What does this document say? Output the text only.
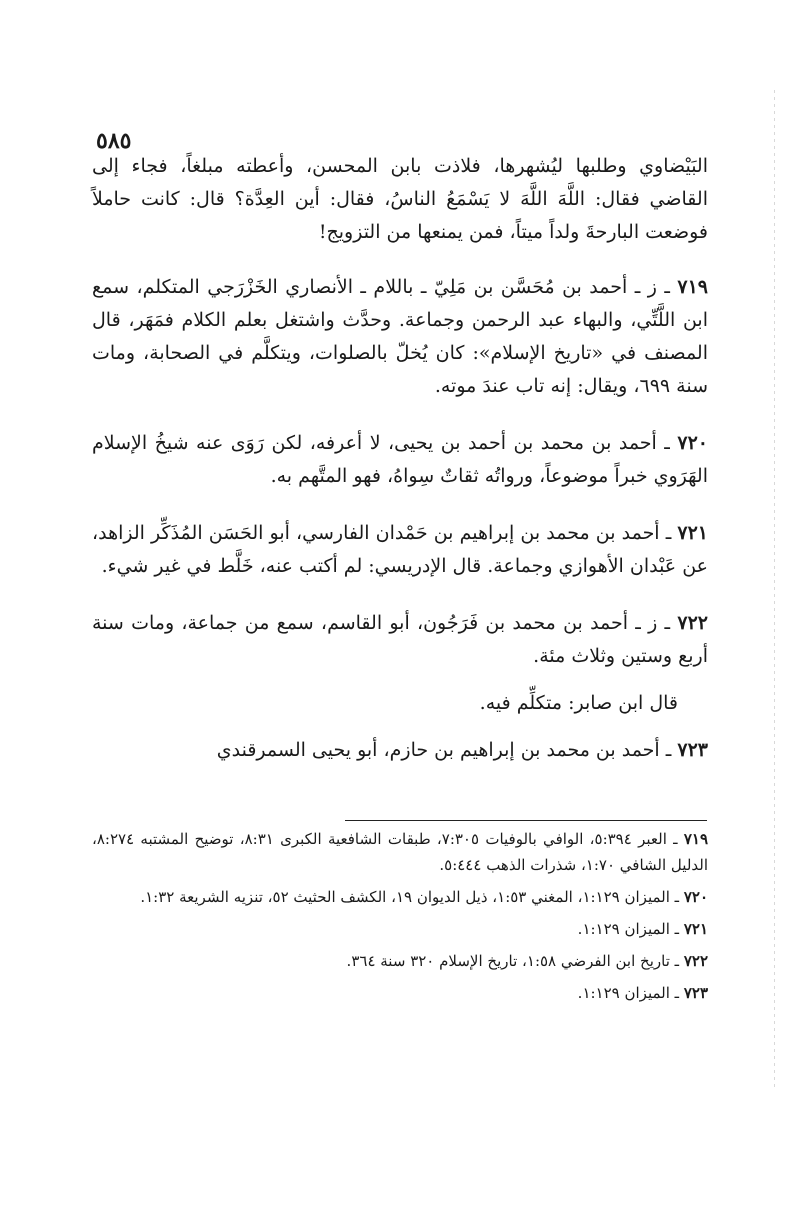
٥٨٥

البَيْضاوي وطلبها ليُشهرها، فلاذت بابن المحسن، وأعطته مبلغاً، فجاء إلى القاضي فقال: اللَّهَ اللَّهَ لا يَسْمَعُ الناسُ، فقال: أين العِدَّة؟ قال: كانت حاملاً فوضعت البارحةَ ولداً ميتاً، فمن يمنعها من التزويج!

٧١٩ ـ ز ـ أحمد بن مُحَسَّن بن مَلِيّ ـ باللام ـ الأنصاري الخَزْرَجي المتكلم، سمع ابن اللَّتِّي، والبهاء عبد الرحمن وجماعة. وحدَّث واشتغل بعلم الكلام فمَهَر، قال المصنف في «تاريخ الإسلام»: كان يُخلّ بالصلوات، ويتكلَّم في الصحابة، ومات سنة ٦٩٩، ويقال: إنه تاب عندَ موته.

٧٢٠ ـ أحمد بن محمد بن أحمد بن يحيى، لا أعرفه، لكن رَوَى عنه شيخُ الإسلام الهَرَوي خبراً موضوعاً، ورواتُه ثقاتٌ سِواهُ، فهو المتَّهم به.

٧٢١ ـ أحمد بن محمد بن إبراهيم بن حَمْدان الفارسي، أبو الحَسَن المُذَكِّر الزاهد، عن عَبْدان الأهوازي وجماعة. قال الإدريسي: لم أكتب عنه، خَلَّط في غير شيء.

٧٢٢ ـ ز ـ أحمد بن محمد بن فَرَجُون، أبو القاسم، سمع من جماعة، ومات سنة أربع وستين وثلاث مئة.

قال ابن صابر: متكلِّم فيه.

٧٢٣ ـ أحمد بن محمد بن إبراهيم بن حازم، أبو يحيى السمرقندي

٧١٩ ـ العبر ٥:٣٩٤، الوافي بالوفيات ٧:٣٠٥، طبقات الشافعية الكبرى ٨:٣١، توضيح المشتبه ٨:٢٧٤، الدليل الشافي ١:٧٠، شذرات الذهب ٥:٤٤٤.

٧٢٠ ـ الميزان ١:١٢٩، المغني ١:٥٣، ذيل الديوان ١٩، الكشف الحثيث ٥٢، تنزيه الشريعة ١:٣٢.

٧٢١ ـ الميزان ١:١٢٩.

٧٢٢ ـ تاريخ ابن الفرضي ١:٥٨، تاريخ الإسلام ٣٢٠ سنة ٣٦٤.

٧٢٣ ـ الميزان ١:١٢٩.
